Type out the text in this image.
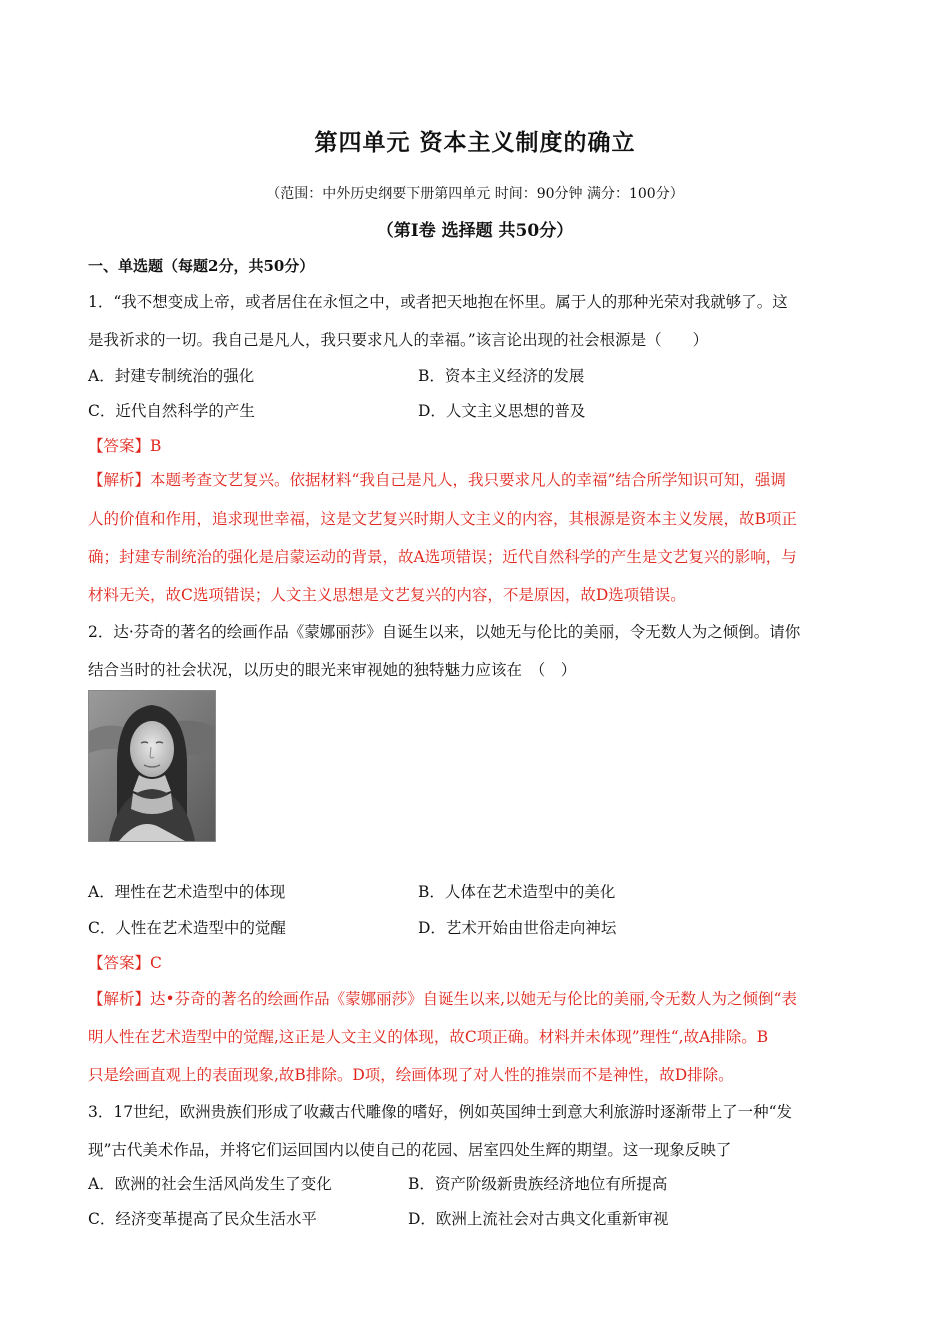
第四单元 资本主义制度的确立
（范围：中外历史纲要下册第四单元 时间：90分钟 满分：100分）
（第I卷 选择题 共50分）
一、单选题（每题2分，共50分）
1．“我不想变成上帝，或者居住在永恒之中，或者把天地抱在怀里。属于人的那种光荣对我就够了。这
是我祈求的一切。我自己是凡人，我只要求凡人的幸福。”该言论出现的社会根源是（　　）
A．封建专制统治的强化	B．资本主义经济的发展
C．近代自然科学的产生	D．人文主义思想的普及
【答案】B
【解析】本题考查文艺复兴。依据材料“我自己是凡人，我只要求凡人的幸福”结合所学知识可知，强调
人的价值和作用，追求现世幸福，这是文艺复兴时期人文主义的内容，其根源是资本主义发展，故B项正
确；封建专制统治的强化是启蒙运动的背景，故A选项错误；近代自然科学的产生是文艺复兴的影响，与
材料无关，故C选项错误；人文主义思想是文艺复兴的内容，不是原因，故D选项错误。
2．达·芬奇的著名的绘画作品《蒙娜丽莎》自诞生以来，以她无与伦比的美丽，令无数人为之倾倒。请你
结合当时的社会状况，以历史的眼光来审视她的独特魅力应该在　（　）
A．理性在艺术造型中的体现	B．人体在艺术造型中的美化
C．人性在艺术造型中的觉醒	D．艺术开始由世俗走向神坛
【答案】C
【解析】达•芬奇的著名的绘画作品《蒙娜丽莎》自诞生以来,以她无与伦比的美丽,令无数人为之倾倒“表
明人性在艺术造型中的觉醒,这正是人文主义的体现，故C项正确。材料并未体现”理性“,故A排除。B
只是绘画直观上的表面现象,故B排除。D项，绘画体现了对人性的推崇而不是神性，故D排除。
3．17世纪，欧洲贵族们形成了收藏古代雕像的嗜好，例如英国绅士到意大利旅游时逐渐带上了一种“发
现”古代美术作品，并将它们运回国内以使自己的花园、居室四处生辉的期望。这一现象反映了
A．欧洲的社会生活风尚发生了变化	B．资产阶级新贵族经济地位有所提高
C．经济变革提高了民众生活水平	D．欧洲上流社会对古典文化重新审视
